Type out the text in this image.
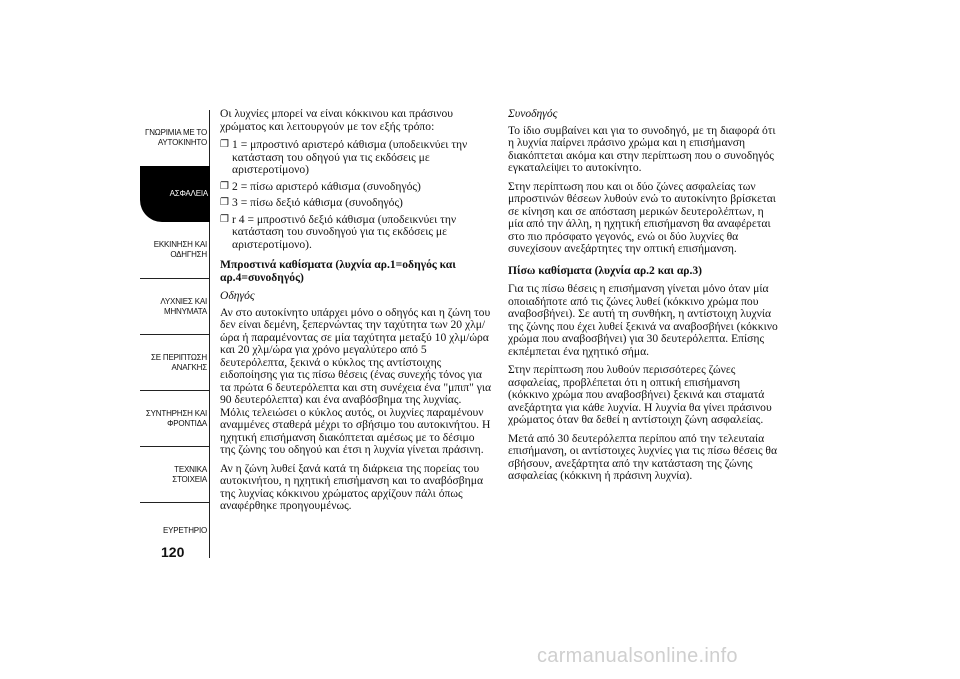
ΓΝΩΡΙΜΙΑ ΜΕ ΤΟ
ΑΥΤΟΚΙΝΗΤΟ
ΑΣΦΑΛΕΙΑ
ΕΚΚΙΝΗΣΗ ΚΑΙ
ΟΔΗΓΗΣΗ
ΛΥΧΝΙΕΣ ΚΑΙ
ΜΗΝΥΜΑΤΑ
ΣΕ ΠΕΡΙΠΤΩΣΗ
ΑΝΑΓΚΗΣ
ΣΥΝΤΗΡΗΣΗ ΚΑΙ
ΦΡΟΝΤΙΔΑ
ΤΕΧΝΙΚΑ ΣΤΟΙΧΕΙΑ
ΕΥΡΕΤΗΡΙΟ
120

Οι λυχνίες μπορεί να είναι κόκκινου και πράσινου χρώματος και λειτουργούν με τον εξής τρόπο:

❐ 1 = μπροστινό αριστερό κάθισμα (υποδεικνύει την κατάσταση του οδηγού για τις εκδόσεις με αριστεροτίμονο)
❐ 2 = πίσω αριστερό κάθισμα (συνοδηγός)
❐ 3 = πίσω δεξιό κάθισμα (συνοδηγός)
❐ r 4 = μπροστινό δεξιό κάθισμα (υποδεικνύει την κατάσταση του συνοδηγού για τις εκδόσεις με αριστεροτίμονο).

Μπροστινά καθίσματα (λυχνία αρ.1=οδηγός και αρ.4=συνοδηγός)

Οδηγός

Αν στο αυτοκίνητο υπάρχει μόνο ο οδηγός και η ζώνη του δεν είναι δεμένη, ξεπερνώντας την ταχύτητα των 20 χλμ/ώρα ή παραμένοντας σε μία ταχύτητα μεταξύ 10 χλμ/ώρα και 20 χλμ/ώρα για χρόνο μεγαλύτερο από 5 δευτερόλεπτα, ξεκινά ο κύκλος της αντίστοιχης ειδοποίησης για τις πίσω θέσεις (ένας συνεχής τόνος για τα πρώτα 6 δευτερόλεπτα και στη συνέχεια ένα "μπιπ" για 90 δευτερόλεπτα) και ένα αναβόσβημα της λυχνίας. Μόλις τελειώσει ο κύκλος αυτός, οι λυχνίες παραμένουν αναμμένες σταθερά μέχρι το σβήσιμο του αυτοκινήτου. Η ηχητική επισήμανση διακόπτεται αμέσως με το δέσιμο της ζώνης του οδηγού και έτσι η λυχνία γίνεται πράσινη.

Αν η ζώνη λυθεί ξανά κατά τη διάρκεια της πορείας του αυτοκινήτου, η ηχητική επισήμανση και το αναβόσβημα της λυχνίας κόκκινου χρώματος αρχίζουν πάλι όπως αναφέρθηκε προηγουμένως.

Συνοδηγός

Το ίδιο συμβαίνει και για το συνοδηγό, με τη διαφορά ότι η λυχνία παίρνει πράσινο χρώμα και η επισήμανση διακόπτεται ακόμα και στην περίπτωση που ο συνοδηγός εγκαταλείψει το αυτοκίνητο.

Στην περίπτωση που και οι δύο ζώνες ασφαλείας των μπροστινών θέσεων λυθούν ενώ το αυτοκίνητο βρίσκεται σε κίνηση και σε απόσταση μερικών δευτερολέπτων, η μία από την άλλη, η ηχητική επισήμανση θα αναφέρεται στο πιο πρόσφατο γεγονός, ενώ οι δύο λυχνίες θα συνεχίσουν ανεξάρτητες την οπτική επισήμανση.

Πίσω καθίσματα (λυχνία αρ.2 και αρ.3)

Για τις πίσω θέσεις η επισήμανση γίνεται μόνο όταν μία οποιαδήποτε από τις ζώνες λυθεί (κόκκινο χρώμα που αναβοσβήνει). Σε αυτή τη συνθήκη, η αντίστοιχη λυχνία της ζώνης που έχει λυθεί ξεκινά να αναβοσβήνει (κόκκινο χρώμα που αναβοσβήνει) για 30 δευτερόλεπτα. Επίσης εκπέμπεται ένα ηχητικό σήμα.

Στην περίπτωση που λυθούν περισσότερες ζώνες ασφαλείας, προβλέπεται ότι η οπτική επισήμανση (κόκκινο χρώμα που αναβοσβήνει) ξεκινά και σταματά ανεξάρτητα για κάθε λυχνία. Η λυχνία θα γίνει πράσινου χρώματος όταν θα δεθεί η αντίστοιχη ζώνη ασφαλείας.

Μετά από 30 δευτερόλεπτα περίπου από την τελευταία επισήμανση, οι αντίστοιχες λυχνίες για τις πίσω θέσεις θα σβήσουν, ανεξάρτητα από την κατάσταση της ζώνης ασφαλείας (κόκκινη ή πράσινη λυχνία).

carmanualsonline.info
